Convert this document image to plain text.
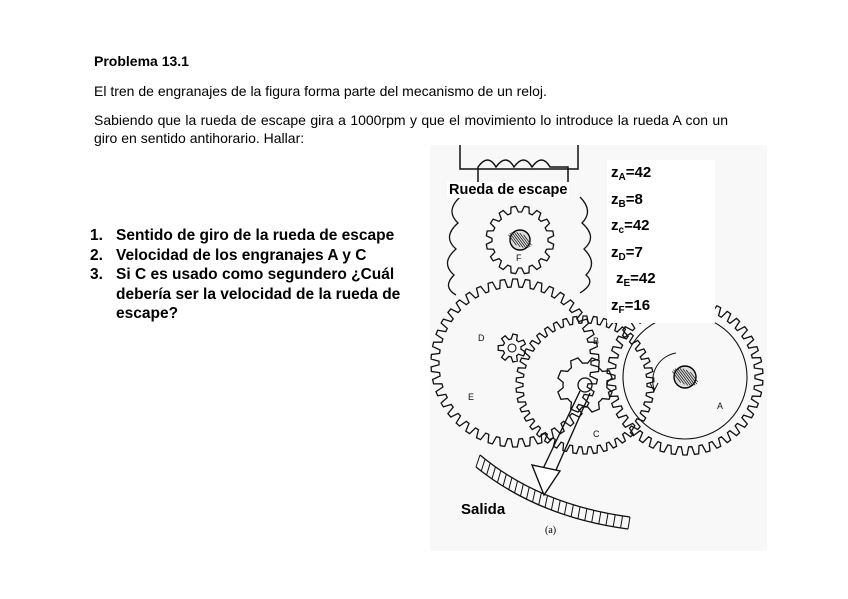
Problema 13.1
El tren de engranajes de la figura forma parte del mecanismo de un reloj.
Sabiendo que la rueda de escape gira a 1000rpm y que el movimiento lo introduce la rueda A con un giro en sentido antihorario. Hallar:
A
B
C
D
E
F
Rueda de escape
Salida
(a)
$z_A=42$
$z_B=8$
$z_c=42$
$z_D=7$
$z_E=42$
$z_F=16$
1. Sentido de giro de la rueda de escape
2. Velocidad de los engranajes A y C
3. Si C es usado como segundero ¿Cuál debería ser la velocidad de la rueda de escape?
